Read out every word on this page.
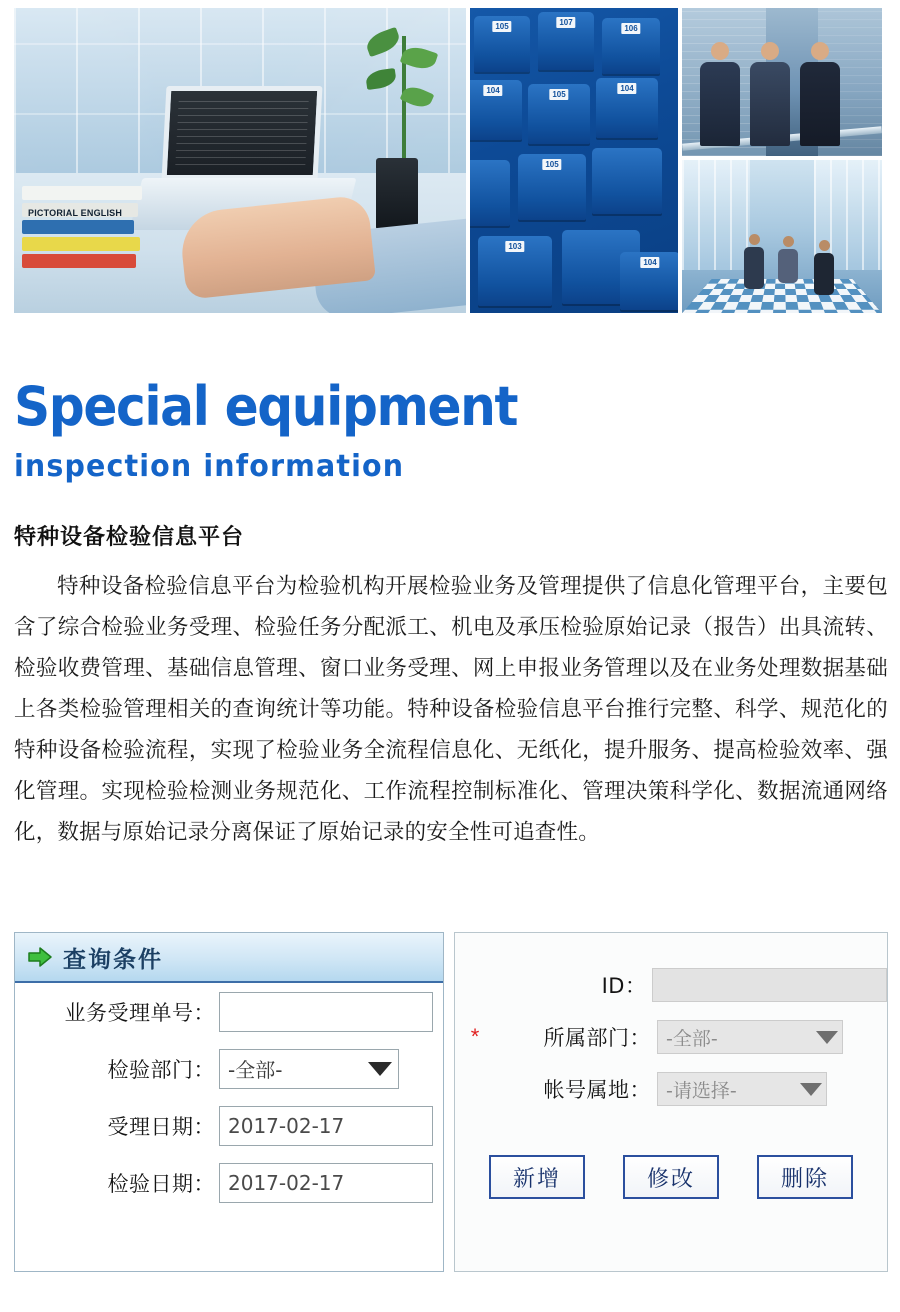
PICTORIAL ENGLISH
105	107
106
104	105
104
105
103
104
Special equipment
inspection information
特种设备检验信息平台
特种设备检验信息平台为检验机构开展检验业务及管理提供了信息化管理平台，主要包含了综合检验业务受理、检验任务分配派工、机电及承压检验原始记录（报告）出具流转、检验收费管理、基础信息管理、窗口业务受理、网上申报业务管理以及在业务处理数据基础上各类检验管理相关的查询统计等功能。特种设备检验信息平台推行完整、科学、规范化的特种设备检验流程，实现了检验业务全流程信息化、无纸化，提升服务、提高检验效率、强化管理。实现检验检测业务规范化、工作流程控制标准化、管理决策科学化、数据流通网络化，数据与原始记录分离保证了原始记录的安全性可追查性。
查询条件
业务受理单号：
检验部门： -全部-
受理日期： 2017-02-17
检验日期： 2017-02-17
ID：
*	所属部门： -全部-
帐号属地： -请选择-
新增	修改	删除
